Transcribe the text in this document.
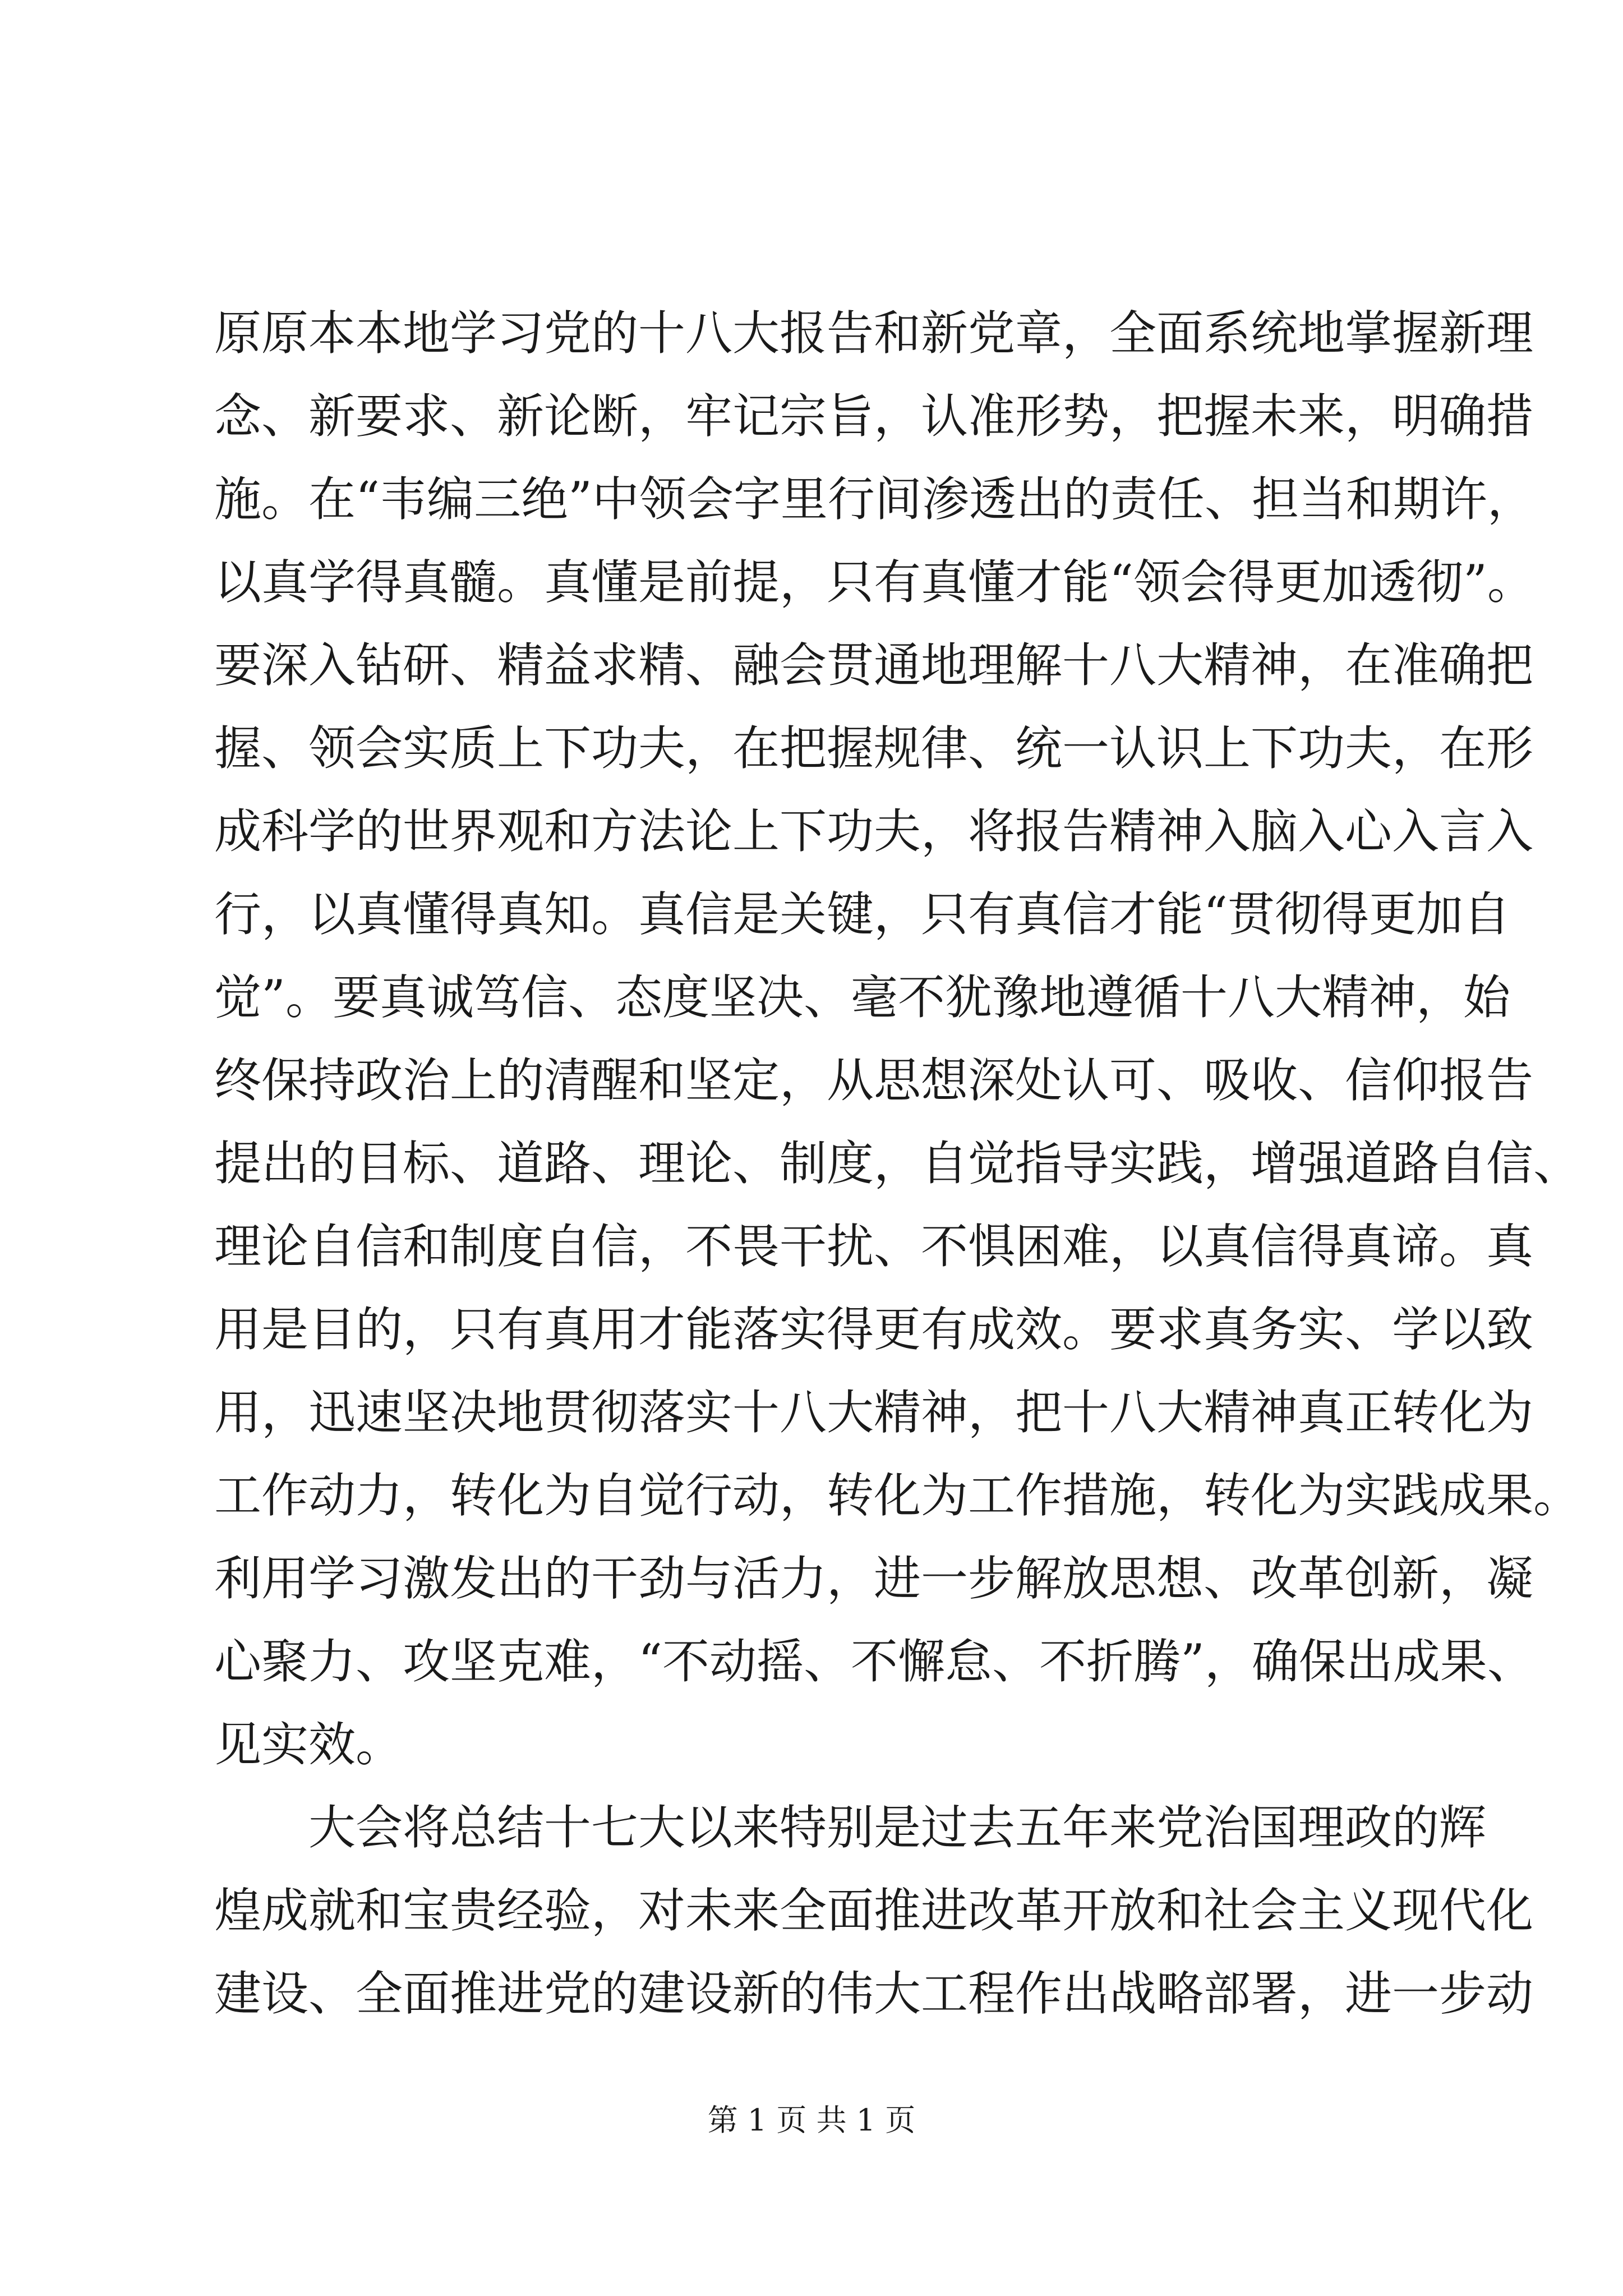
原原本本地学习党的十八大报告和新党章，全面系统地掌握新理
念、新要求、新论断，牢记宗旨，认准形势，把握未来，明确措
施。在“韦编三绝”中领会字里行间渗透出的责任、担当和期许，
以真学得真髓。真懂是前提，只有真懂才能“领会得更加透彻”。
要深入钻研、精益求精、融会贯通地理解十八大精神，在准确把
握、领会实质上下功夫，在把握规律、统一认识上下功夫，在形
成科学的世界观和方法论上下功夫，将报告精神入脑入心入言入
行，以真懂得真知。真信是关键，只有真信才能“贯彻得更加自
觉”。要真诚笃信、态度坚决、毫不犹豫地遵循十八大精神，始
终保持政治上的清醒和坚定，从思想深处认可、吸收、信仰报告
提出的目标、道路、理论、制度，自觉指导实践，增强道路自信、
理论自信和制度自信，不畏干扰、不惧困难，以真信得真谛。真
用是目的，只有真用才能落实得更有成效。要求真务实、学以致
用，迅速坚决地贯彻落实十八大精神，把十八大精神真正转化为
工作动力，转化为自觉行动，转化为工作措施，转化为实践成果。
利用学习激发出的干劲与活力，进一步解放思想、改革创新，凝
心聚力、攻坚克难，“不动摇、不懈怠、不折腾”，确保出成果、
见实效。
大会将总结十七大以来特别是过去五年来党治国理政的辉
煌成就和宝贵经验，对未来全面推进改革开放和社会主义现代化
建设、全面推进党的建设新的伟大工程作出战略部署，进一步动
第 1 页 共 1 页
